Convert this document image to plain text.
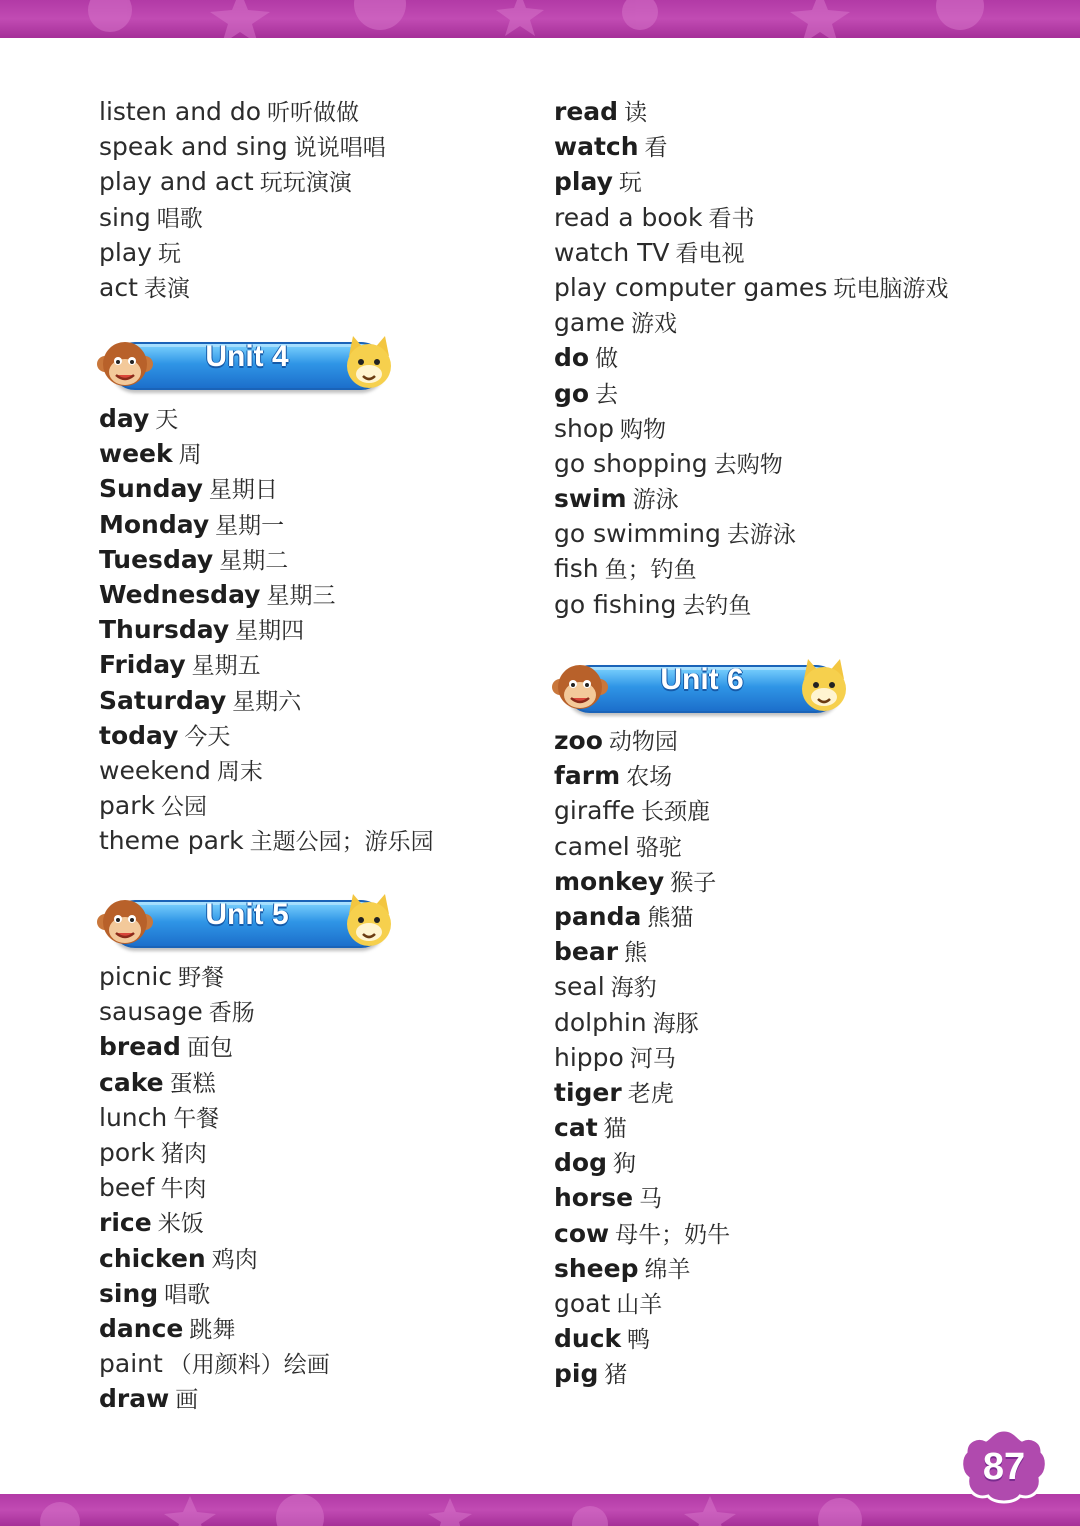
listen and do 听听做做
speak and sing 说说唱唱
play and act 玩玩演演
sing 唱歌
play 玩
act 表演
read 读
watch 看
play 玩
read a book 看书
watch TV 看电视
play computer games 玩电脑游戏
game 游戏
do 做
go 去
shop 购物
go shopping 去购物
swim 游泳
go swimming 去游泳
fish 鱼；钓鱼
go fishing 去钓鱼
Unit 4
day 天
week 周
Sunday 星期日
Monday 星期一
Tuesday 星期二
Wednesday 星期三
Thursday 星期四
Friday 星期五
Saturday 星期六
today 今天
weekend 周末
park 公园
theme park 主题公园；游乐园
Unit 5
picnic 野餐
sausage 香肠
bread 面包
cake 蛋糕
lunch 午餐
pork 猪肉
beef 牛肉
rice 米饭
chicken 鸡肉
sing 唱歌
dance 跳舞
paint （用颜料）绘画
draw 画
Unit 6
zoo 动物园
farm 农场
giraffe 长颈鹿
camel 骆驼
monkey 猴子
panda 熊猫
bear 熊
seal 海豹
dolphin 海豚
hippo 河马
tiger 老虎
cat 猫
dog 狗
horse 马
cow 母牛；奶牛
sheep 绵羊
goat 山羊
duck 鸭
pig 猪
87
